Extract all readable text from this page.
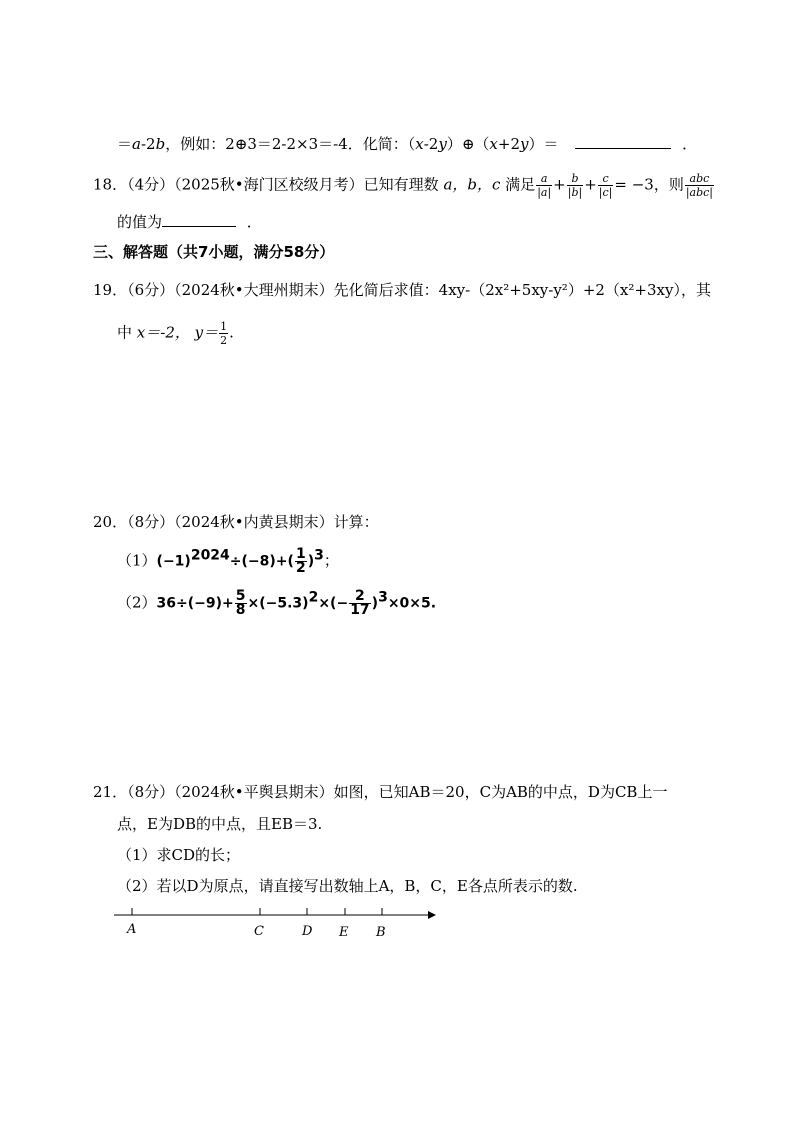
＝a-2b，例如：2⊕3＝2-2×3＝-4．化简：（x-2y）⊕（x+2y）＝	．
18．（4分）（2025秋•海门区校级月考）已知有理数 a，b，c 满足 $\frac{a}{|a|} + \frac{b}{|b|} + \frac{c}{|c|} = -3$，则 $\frac{\text{abc}}{\text{|abc|}}$
的值为	．
三、解答题（共7小题，满分58分）
19．（6分）（2024秋•大理州期末）先化简后求值：4xy-（2x²+5xy-y²）+2（x²+3xy），其
中 x＝-2， $y= \frac{1}{2}$ .
20．（8分）（2024秋•内黄县期末）计算：
$(1)(-1)^{2024}\div(-8)+( \frac{1}{2} )^3$；
$(2)36\div(-9)+ \frac{5}{8} \times(-5.3)^2\times(- \frac{2}{17} )^3\times 0\times 5$.
21．（8分）（2024秋•平舆县期末）如图，已知AB＝20，C为AB的中点，D为CB上一
点，E为DB的中点，且EB＝3.
（1）求CD的长；
（2）若以D为原点，请直接写出数轴上A，B，C，E各点所表示的数.
A	C	D E B
